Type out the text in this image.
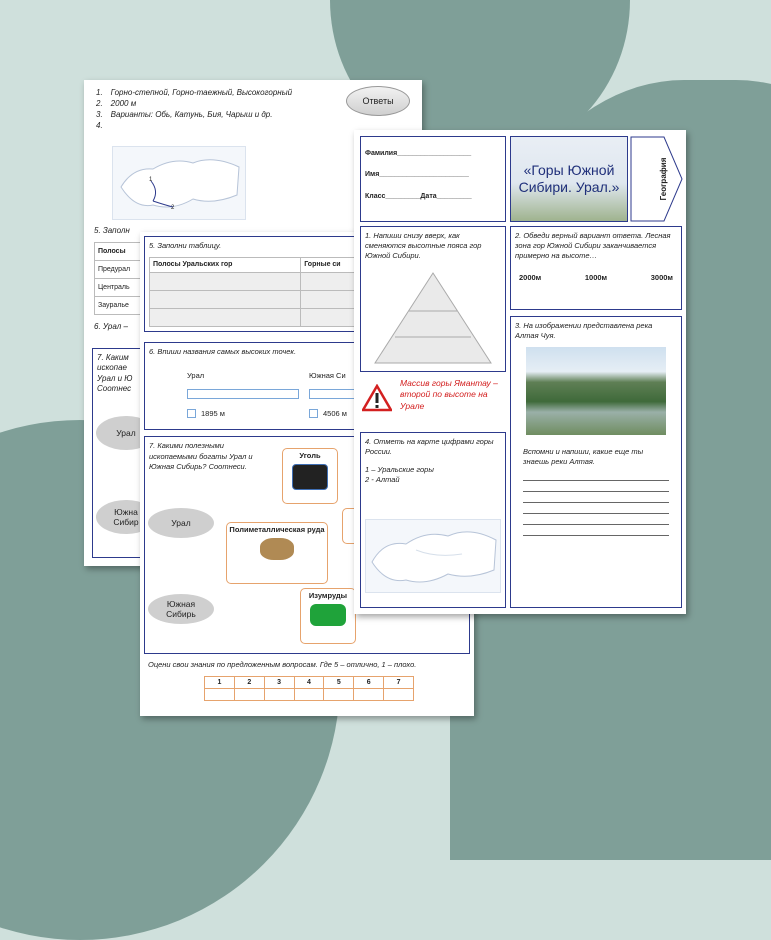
1. Горно-степной, Горно-таежный, Высокогорный
2. 2000 м
3. Варианты: Обь, Катунь, Бия, Чарыш и др.
4.
Ответы
1
2
5. Заполн
Полосы
Предурал
Централь
Зауралье
6. Урал –
7. Каким
ископае
Урал и Ю
Соотнес
Урал
Южна
Сибир
5. Заполни таблицу.
Полосы Уральских гор	Горные си

6. Впиши названия самых высоких точек.
Урал	Южная Си
1895 м	4506 м
7. Какими полезными ископаемыми богаты Урал и Южная Сибирь? Соотнеси.
Урал
Южная Сибирь
Уголь
Полиметаллическая руда
Изумруды
Оцени свои знания по предложенным вопросам. Где 5 – отлично, 1 – плохо.
1	2	3	4	5	6	7

Фамилия___________________
Имя_______________________
Класс_________Дата_________
«Горы Южной Сибири. Урал.»	География
1. Напиши снизу вверх, как сменяются высотные пояса гор Южной Сибири.
Массив горы Ямантау – второй по высоте на Урале
4. Отметь на карте цифрами горы России.
1 – Уральские горы
2 - Алтай
2. Обведи верный вариант ответа. Лесная зона гор Южной Сибири заканчивается примерно на высоте…
2000м	1000м	3000м
3. На изображении представлена река Алтая Чуя.
Вспомни и напиши, какие еще ты знаешь реки Алтая.
